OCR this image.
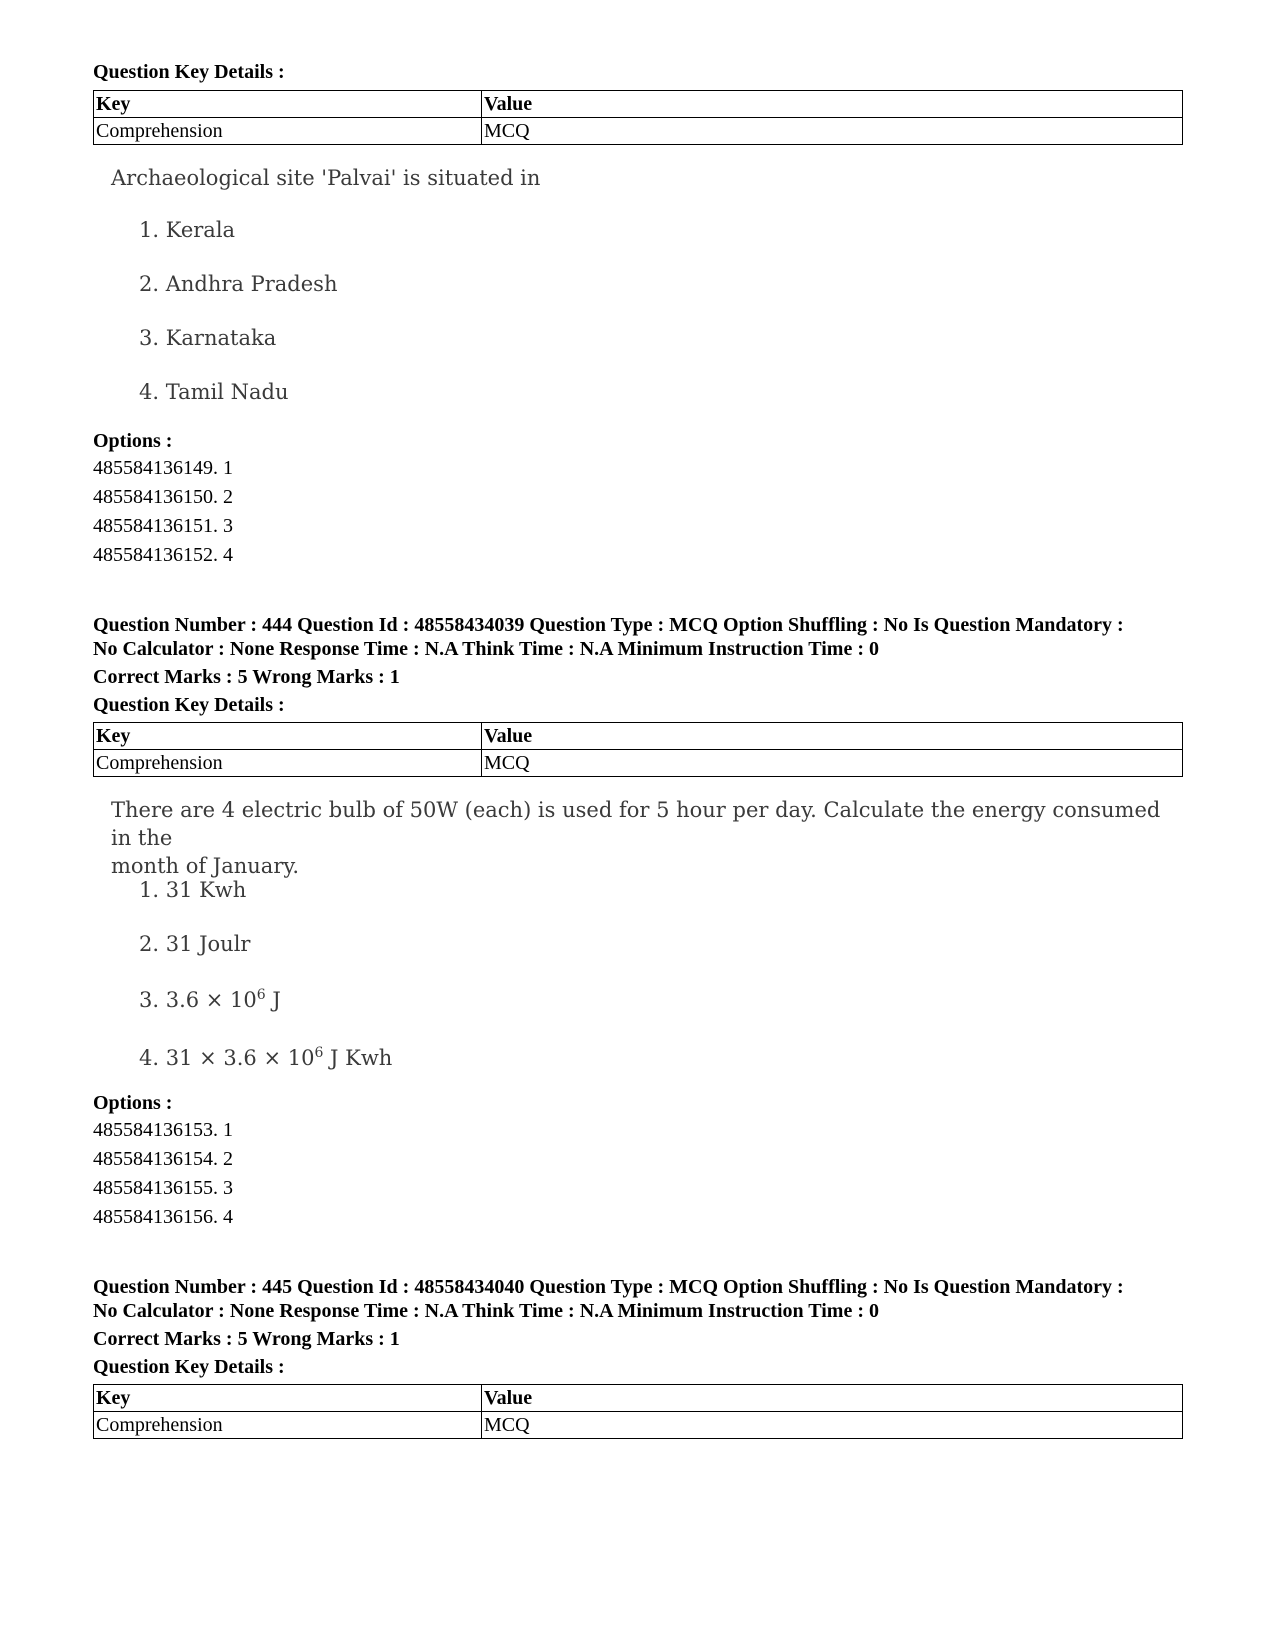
Question Key Details :
Key	Value
Comprehension	MCQ
Archaeological site 'Palvai' is situated in
1. Kerala
2. Andhra Pradesh
3. Karnataka
4. Tamil Nadu
Options :
485584136149. 1
485584136150. 2
485584136151. 3
485584136152. 4
Question Number : 444 Question Id : 48558434039 Question Type : MCQ Option Shuffling : No Is Question Mandatory :
No Calculator : None Response Time : N.A Think Time : N.A Minimum Instruction Time : 0
Correct Marks : 5 Wrong Marks : 1
Question Key Details :
Key	Value
Comprehension	MCQ
There are 4 electric bulb of 50W (each) is used for 5 hour per day. Calculate the energy consumed in the
month of January.
1. 31 Kwh
2. 31 Joulr
3. $3.6 \times 10^6$ J
4. $31 \times 3.6 \times 10^6$ J Kwh
Options :
485584136153. 1
485584136154. 2
485584136155. 3
485584136156. 4
Question Number : 445 Question Id : 48558434040 Question Type : MCQ Option Shuffling : No Is Question Mandatory :
No Calculator : None Response Time : N.A Think Time : N.A Minimum Instruction Time : 0
Correct Marks : 5 Wrong Marks : 1
Question Key Details :
Key	Value
Comprehension	MCQ
